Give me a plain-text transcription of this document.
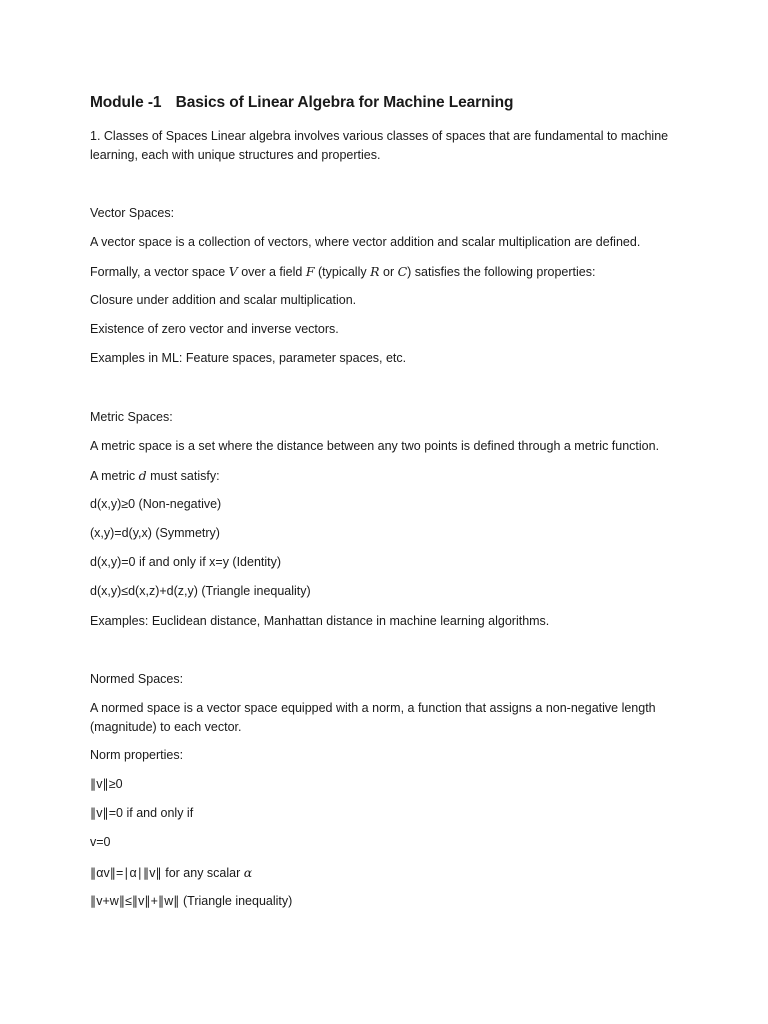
Module -1 Basics of Linear Algebra for Machine Learning
1. Classes of Spaces Linear algebra involves various classes of spaces that are fundamental to machine learning, each with unique structures and properties.
Vector Spaces:
A vector space is a collection of vectors, where vector addition and scalar multiplication are defined.
Formally, a vector space V over a field F (typically R or C) satisfies the following properties:
Closure under addition and scalar multiplication.
Existence of zero vector and inverse vectors.
Examples in ML: Feature spaces, parameter spaces, etc.
Metric Spaces:
A metric space is a set where the distance between any two points is defined through a metric function.
A metric d must satisfy:
d(x,y)≥0 (Non-negative)
(x,y)=d(y,x) (Symmetry)
d(x,y)=0 if and only if x=y (Identity)
d(x,y)≤d(x,z)+d(z,y) (Triangle inequality)
Examples: Euclidean distance, Manhattan distance in machine learning algorithms.
Normed Spaces:
A normed space is a vector space equipped with a norm, a function that assigns a non-negative length (magnitude) to each vector.
Norm properties:
∥v∥≥0
∥v∥=0 if and only if
v=0
∥αv∥=∣α∣∥v∥ for any scalar α
∥v+w∥≤∥v∥+∥w∥ (Triangle inequality)
